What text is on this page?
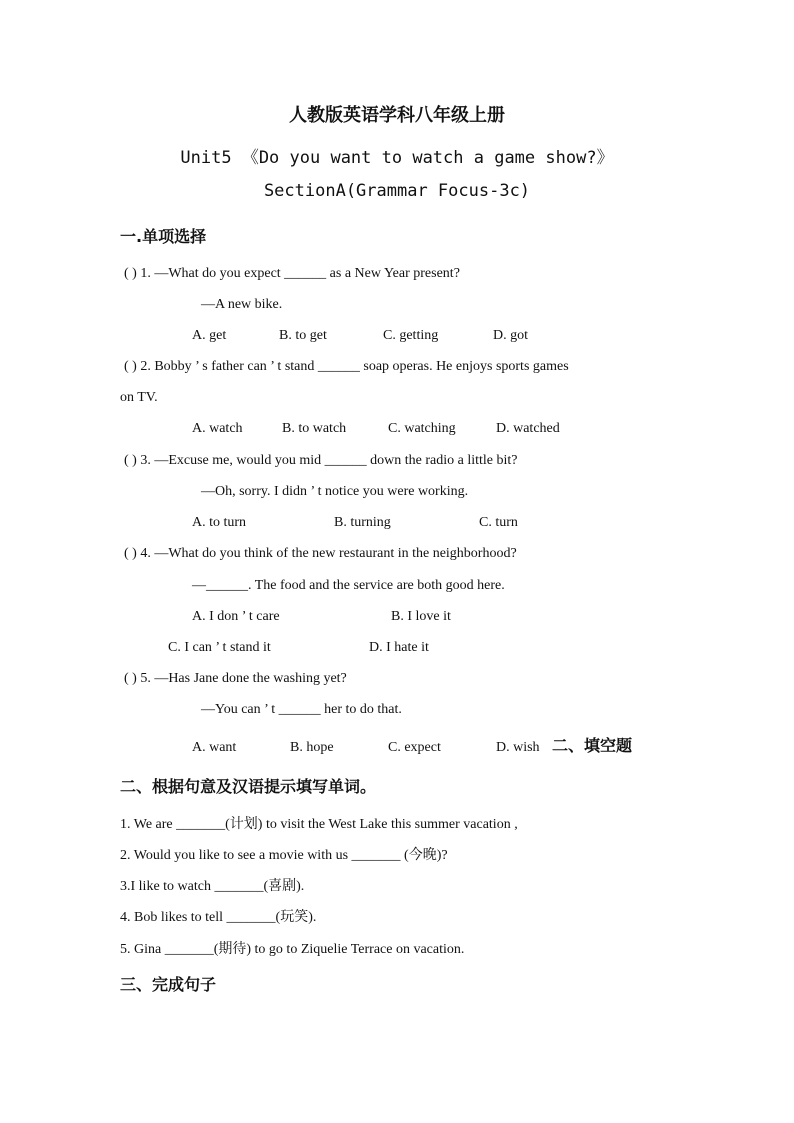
人教版英语学科八年级上册
Unit5 《Do you want to watch a game show?》
SectionA(Grammar Focus-3c)
一.单项选择
( ) 1. —What do you expect ______ as a New Year present?
—A new bike.
A. get	B. to get	C. getting	D. got
( ) 2. Bobby ’ s father can ’ t stand ______ soap operas. He enjoys sports games
on TV.
A. watch	B. to watch	C. watching	D. watched
( ) 3. —Excuse me, would you mid ______ down the radio a little bit?
—Oh, sorry. I didn ’ t notice you were working.
A. to turn	B. turning	C. turn
( ) 4. —What do you think of the new restaurant in the neighborhood?
—______. The food and the service are both good here.
A. I don ’ t care	B. I love it
C. I can ’ t stand it	D. I hate it
( ) 5. —Has Jane done the washing yet?
—You can ’ t ______ her to do that.
A. want	B. hope	C. expect	D. wish 二、填空题
二、根据句意及汉语提示填写单词。
1. We are _______(计划) to visit the West Lake this summer vacation ,
2. Would you like to see a movie with us _______ (今晚)?
3.I like to watch _______(喜剧).
4. Bob likes to tell _______(玩笑).
5. Gina _______(期待) to go to Ziquelie Terrace on vacation.
三、完成句子
